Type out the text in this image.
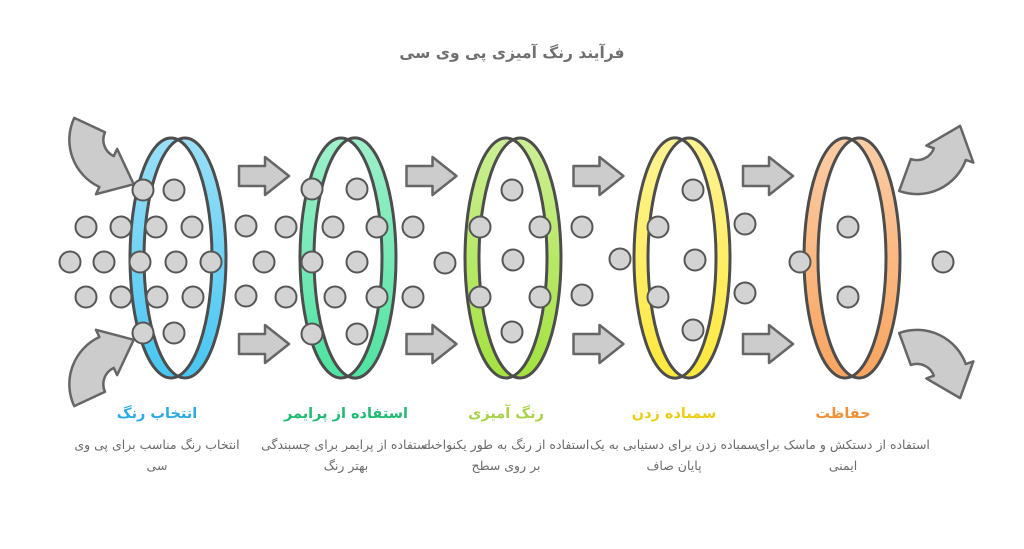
فرآیند رنگ آمیزی پی وی سی
انتخاب رنگ
انتخاب رنگ مناسب برای پی وی سی
استفاده از پرایمر
استفاده از پرایمر برای چسبندگی بهتر رنگ
رنگ آمیزی
استفاده از رنگ به طور یکنواخت بر روی سطح
سمباده زدن
سمباده زدن برای دستیابی به یک پایان صاف
حفاظت
استفاده از دستکش و ماسک برای ایمنی
